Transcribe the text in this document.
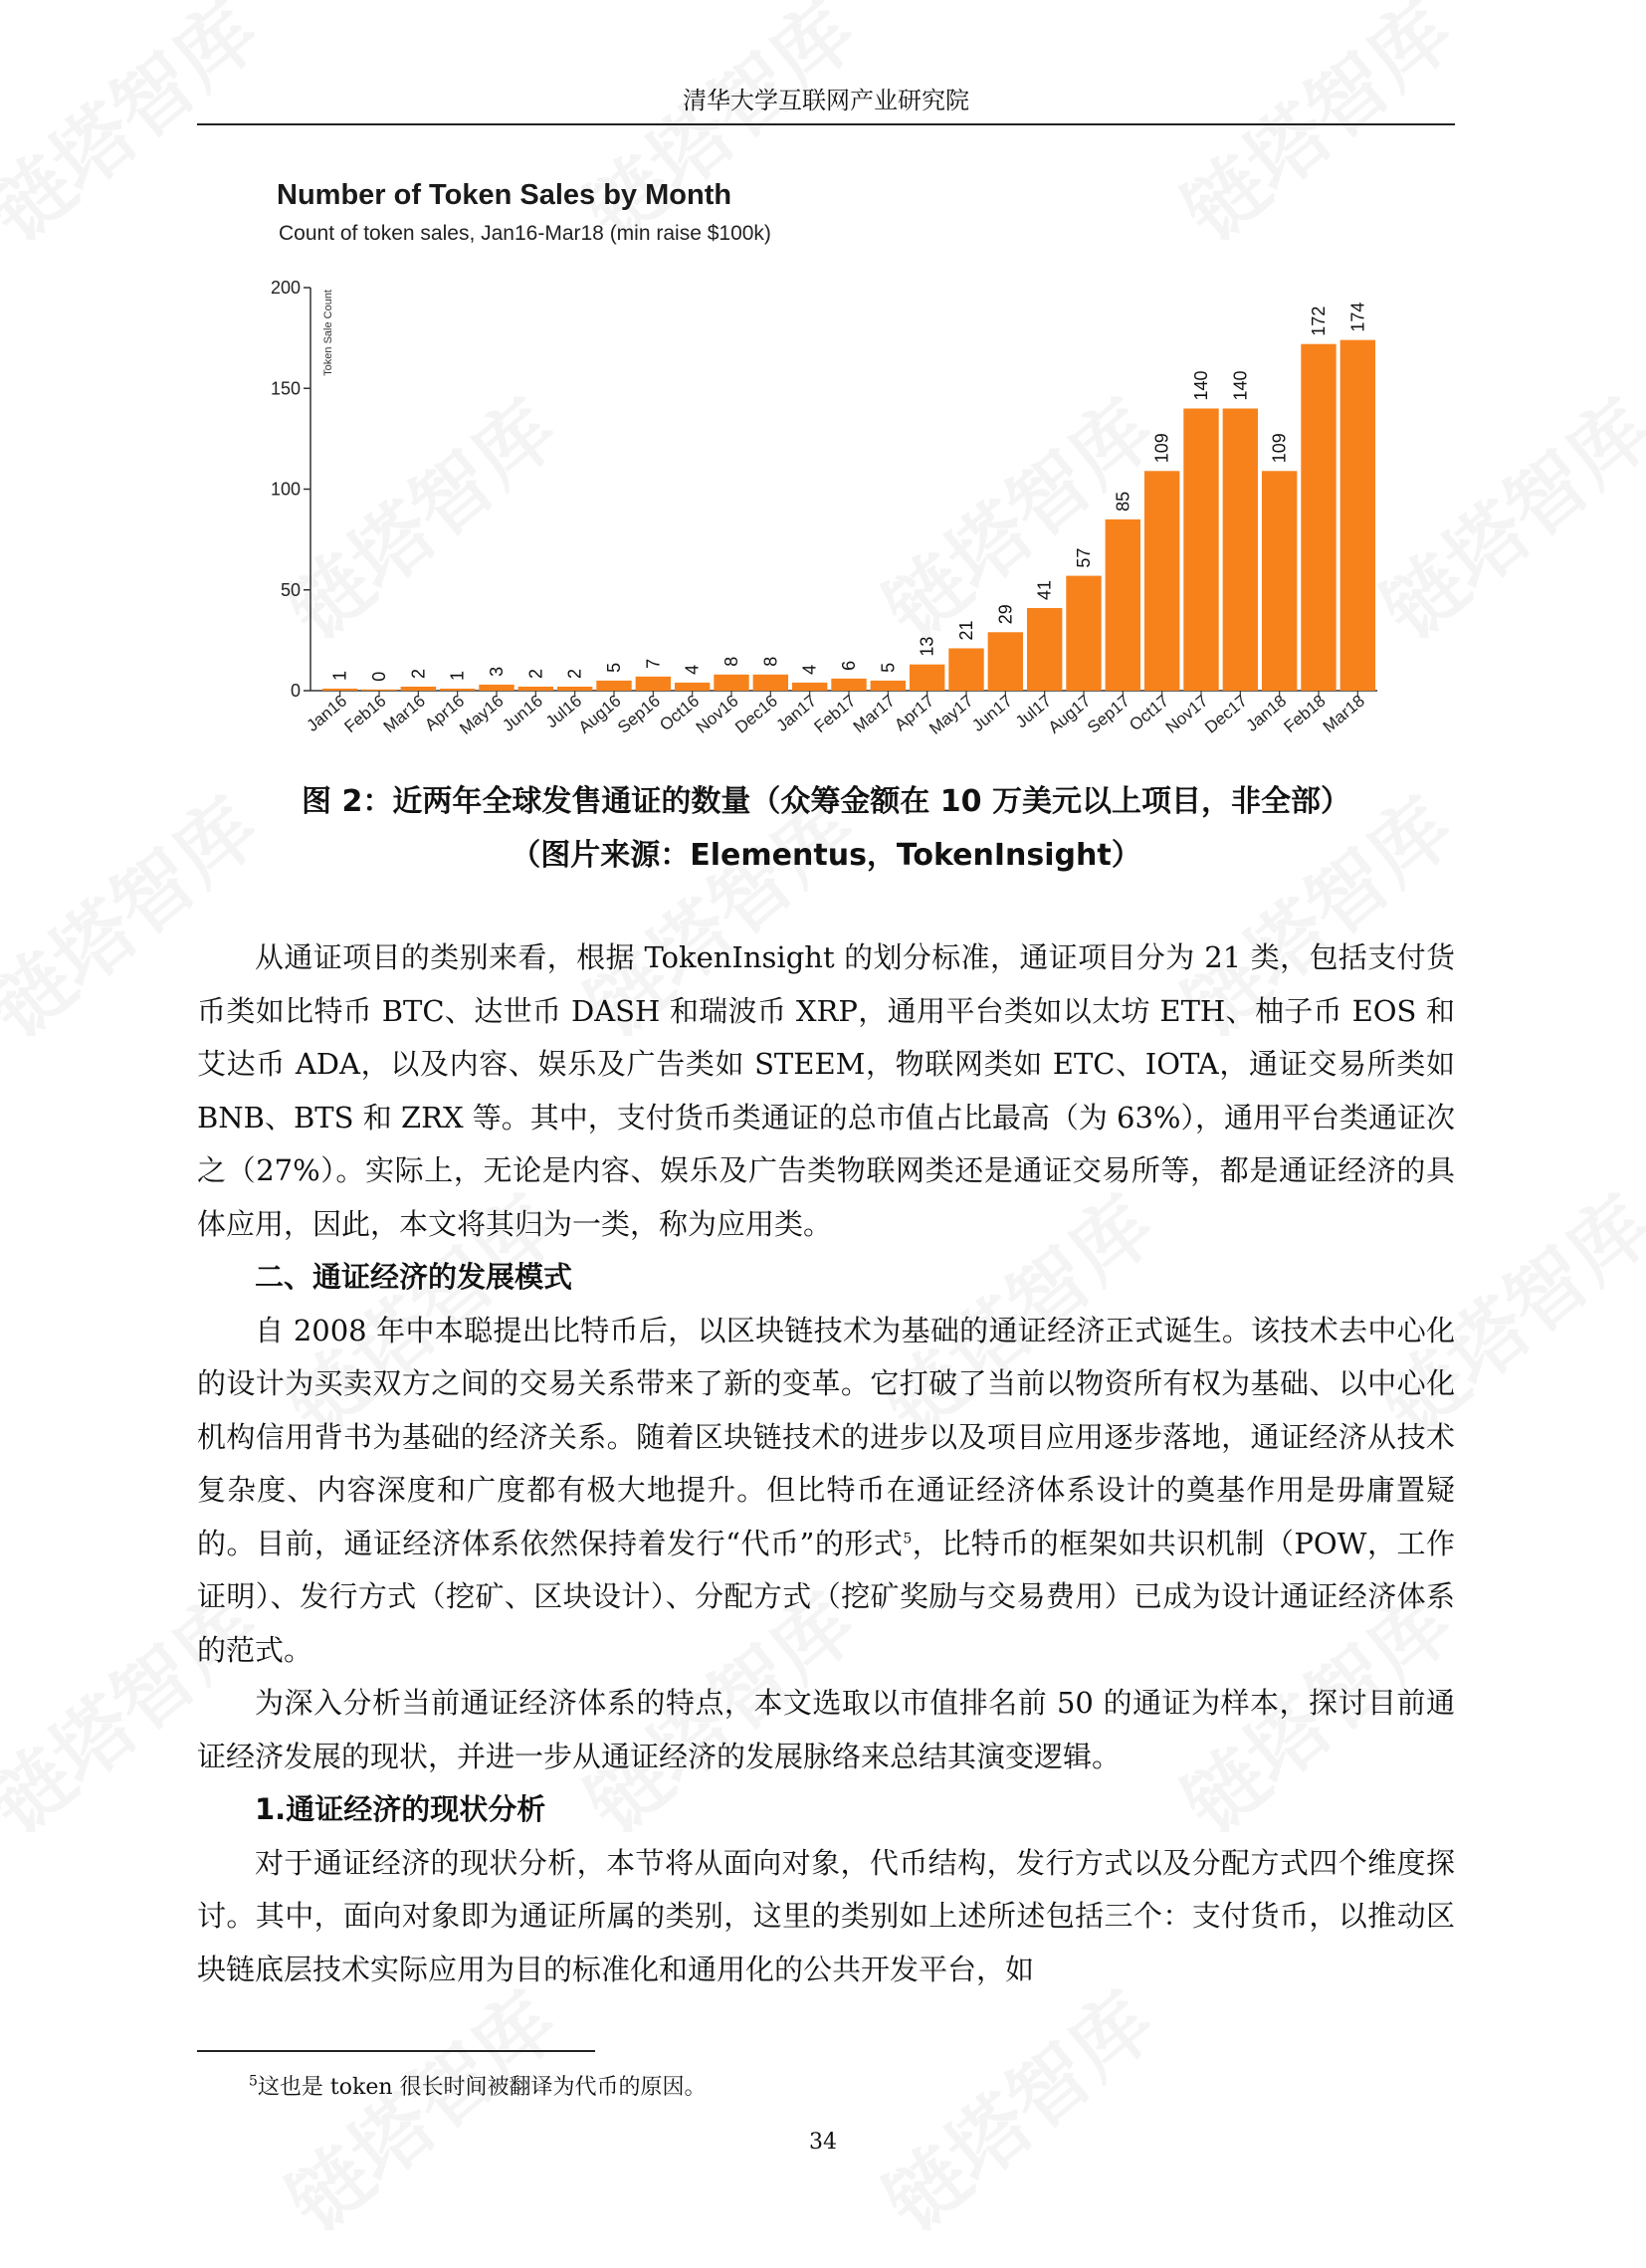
清华大学互联网产业研究院
Number of Token Sales by Month
Count of token sales, Jan16-Mar18 (min raise $100k)
0
50
100
150
200
Token Sale Count
1
Jan16
0
Feb16
2
Mar16
1
Apr16
3
May16
2
Jun16
2
Jul16
5
Aug16
7
Sep16
4
Oct16
8
Nov16
8
Dec16
4
Jan17
6
Feb17
5
Mar17
13
Apr17
21
May17
29
Jun17
41
Jul17
57
Aug17
85
Sep17
109
Oct17
140
Nov17
140
Dec17
109
Jan18
172
Feb18
174
Mar18
图 2：近两年全球发售通证的数量（众筹金额在 10 万美元以上项目，非全部）
（图片来源：Elementus，TokenInsight）

从通证项目的类别来看，根据 TokenInsight 的划分标准，通证项目分为 21 类，包括支付货币类如比特币 BTC、达世币 DASH 和瑞波币 XRP，通用平台类如以太坊 ETH、柚子币 EOS 和艾达币 ADA，以及内容、娱乐及广告类如 STEEM，物联网类如 ETC、IOTA，通证交易所类如 BNB、BTS 和 ZRX 等。其中，支付货币类通证的总市值占比最高（为 63%），通用平台类通证次之（27%）。实际上，无论是内容、娱乐及广告类物联网类还是通证交易所等，都是通证经济的具体应用，因此，本文将其归为一类，称为应用类。

二、通证经济的发展模式

自 2008 年中本聪提出比特币后，以区块链技术为基础的通证经济正式诞生。该技术去中心化的设计为买卖双方之间的交易关系带来了新的变革。它打破了当前以物资所有权为基础、以中心化机构信用背书为基础的经济关系。随着区块链技术的进步以及项目应用逐步落地，通证经济从技术复杂度、内容深度和广度都有极大地提升。但比特币在通证经济体系设计的奠基作用是毋庸置疑的。目前，通证经济体系依然保持着发行“代币”的形式$^5$，比特币的框架如共识机制（POW，工作证明）、发行方式（挖矿、区块设计）、分配方式（挖矿奖励与交易费用）已成为设计通证经济体系的范式。

为深入分析当前通证经济体系的特点，本文选取以市值排名前 50 的通证为样本，探讨目前通证经济发展的现状，并进一步从通证经济的发展脉络来总结其演变逻辑。

1.通证经济的现状分析

对于通证经济的现状分析，本节将从面向对象，代币结构，发行方式以及分配方式四个维度探讨。其中，面向对象即为通证所属的类别，这里的类别如上述所述包括三个：支付货币，以推动区块链底层技术实际应用为目的标准化和通用化的公共开发平台，如

$^5$这也是 token 很长时间被翻译为代币的原因。
34
